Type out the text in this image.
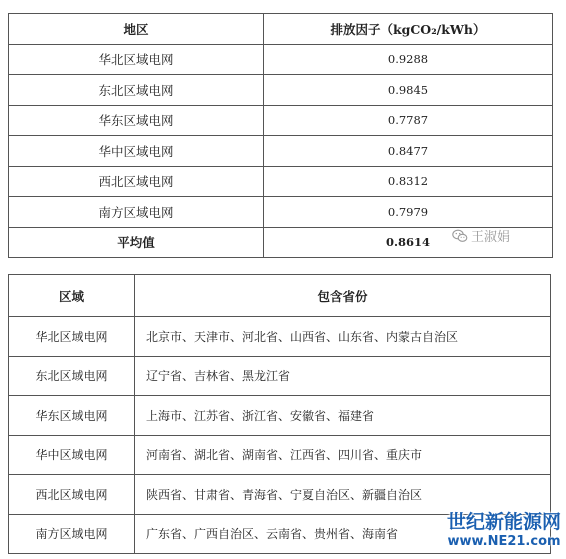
地区	排放因子（kgCO₂/kWh）
华北区域电网	0.9288
东北区域电网	0.9845
华东区域电网	0.7787
华中区域电网	0.8477
西北区域电网	0.8312
南方区域电网	0.7979
平均值	0.8614	王淑娟
区域	包含省份
华北区域电网	北京市、天津市、河北省、山西省、山东省、内蒙古自治区
东北区域电网	辽宁省、吉林省、黑龙江省
华东区域电网	上海市、江苏省、浙江省、安徽省、福建省
华中区域电网	河南省、湖北省、湖南省、江西省、四川省、重庆市
西北区域电网	陕西省、甘肃省、青海省、宁夏自治区、新疆自治区
南方区域电网	广东省、广西自治区、云南省、贵州省、海南省
世纪新能源网
www.NE21.com
